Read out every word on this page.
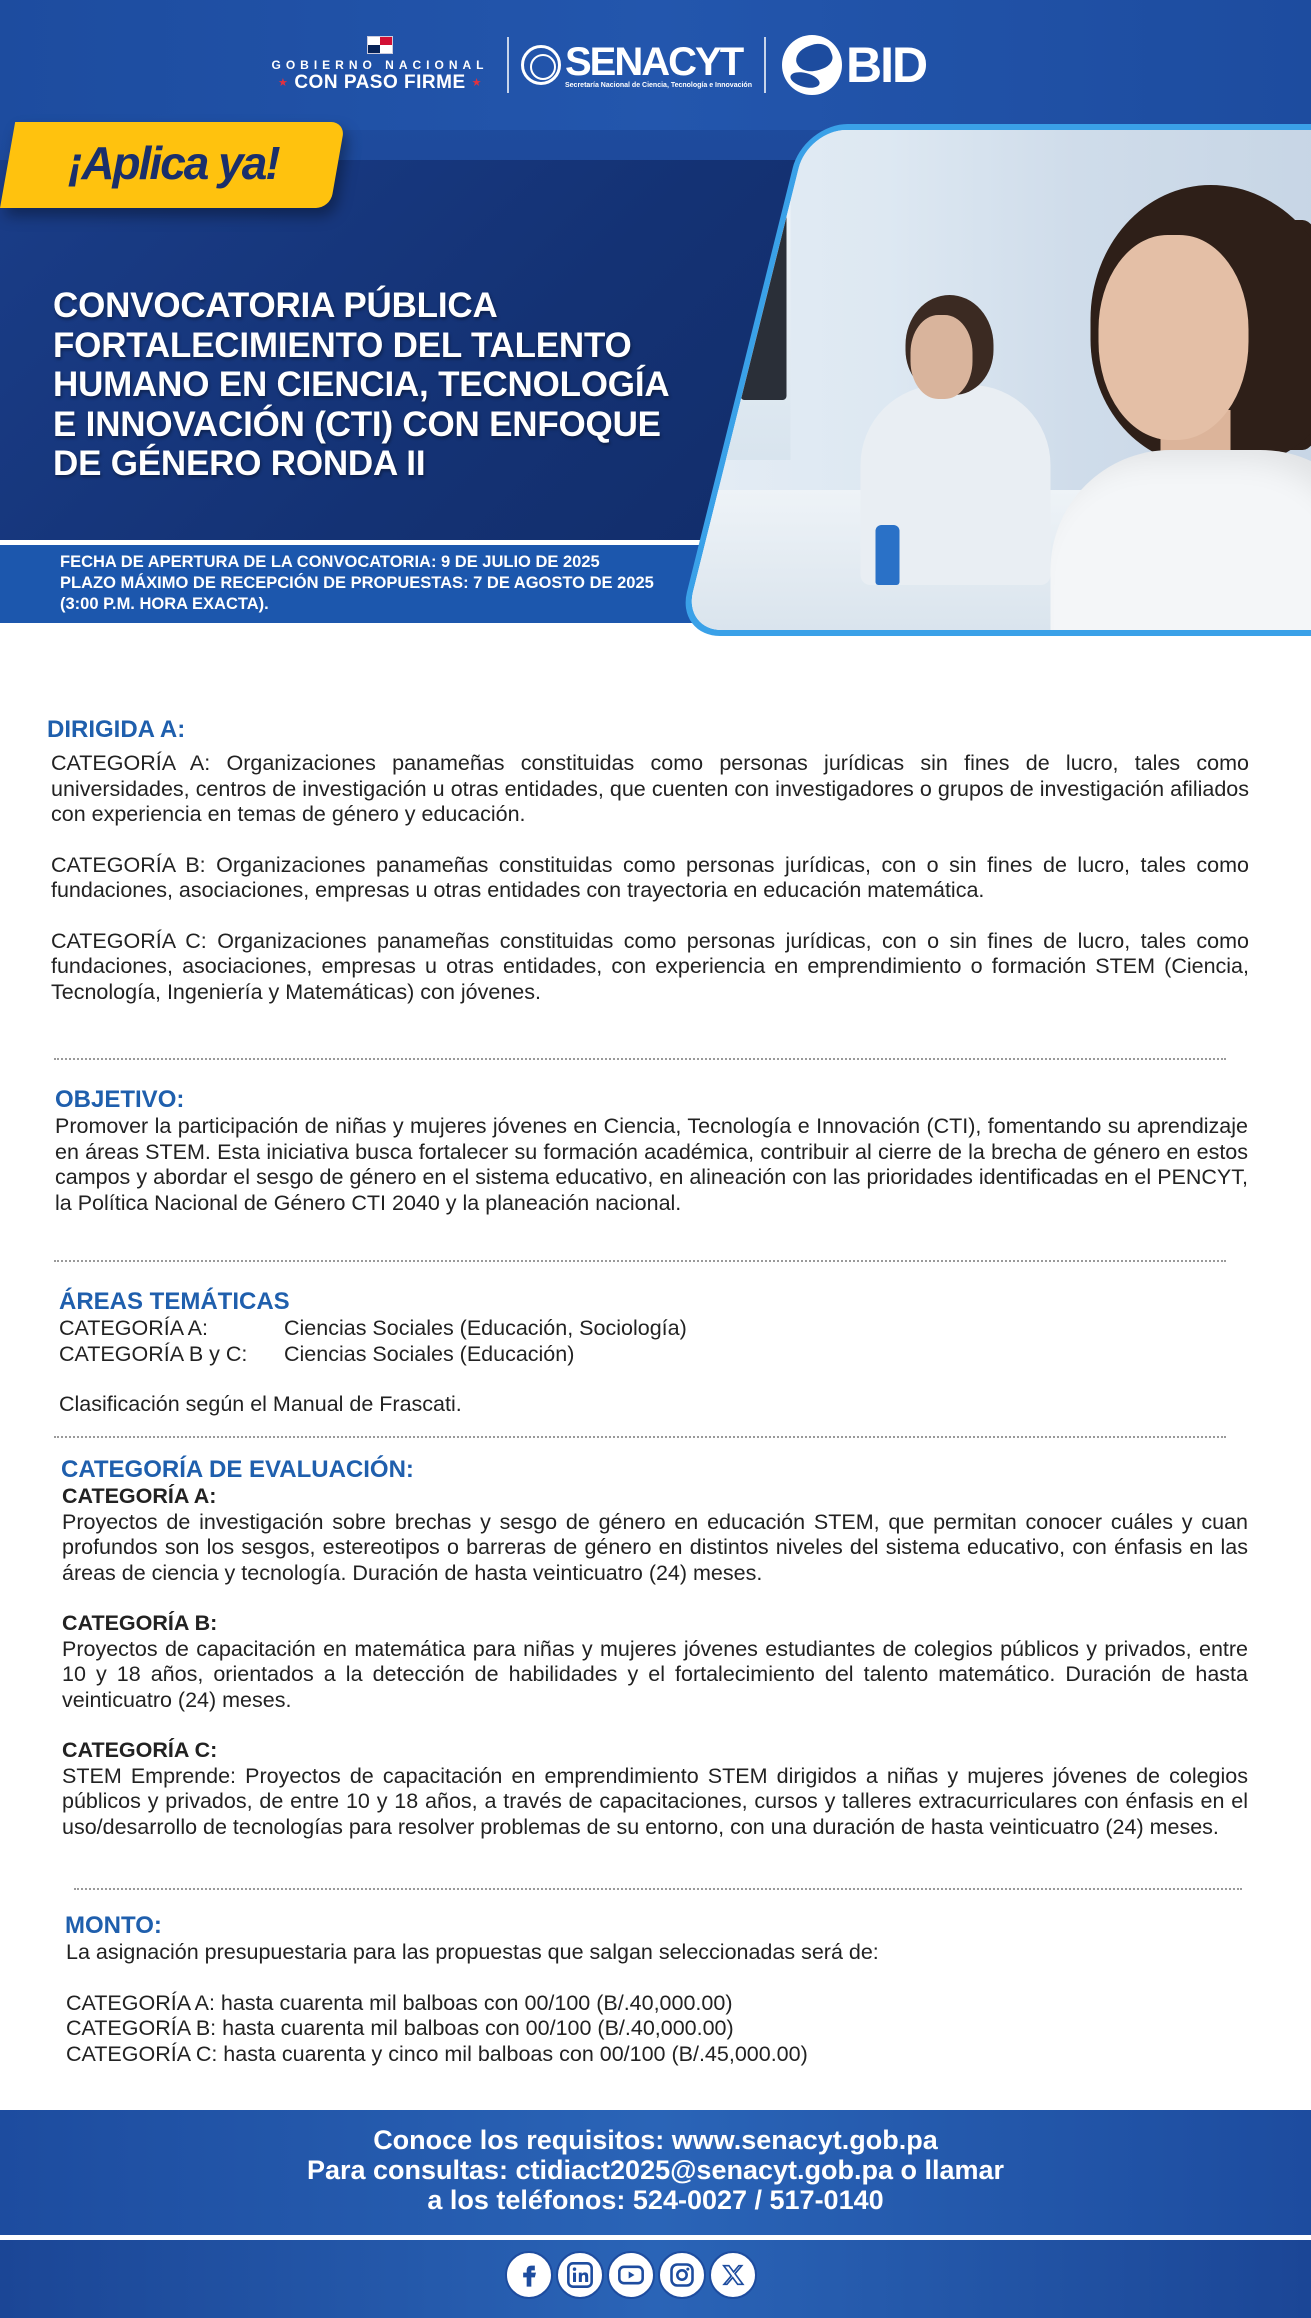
GOBIERNO NACIONAL
★ CON PASO FIRME ★ SENACYT
Secretaría Nacional de Ciencia, Tecnología e Innovación BID
¡Aplica ya!
CONVOCATORIA PÚBLICA
FORTALECIMIENTO DEL TALENTO
HUMANO EN CIENCIA, TECNOLOGÍA
E INNOVACIÓN (CTI) CON ENFOQUE
DE GÉNERO RONDA II
FECHA DE APERTURA DE LA CONVOCATORIA: 9 DE JULIO DE 2025
PLAZO MÁXIMO DE RECEPCIÓN DE PROPUESTAS: 7 DE AGOSTO DE 2025
(3:00 P.M. HORA EXACTA).
DIRIGIDA A:

CATEGORÍA A: Organizaciones panameñas constituidas como personas jurídicas sin fines de lucro, tales como universidades, centros de investigación u otras entidades, que cuenten con investigadores o grupos de investigación afiliados con experiencia en temas de género y educación.

CATEGORÍA B: Organizaciones panameñas constituidas como personas jurídicas, con o sin fines de lucro, tales como fundaciones, asociaciones, empresas u otras entidades con trayectoria en educación matemática.

CATEGORÍA C: Organizaciones panameñas constituidas como personas jurídicas, con o sin fines de lucro, tales como fundaciones, asociaciones, empresas u otras entidades, con experiencia en emprendimiento o formación STEM (Ciencia, Tecnología, Ingeniería y Matemáticas) con jóvenes.

OBJETIVO:
Promover la participación de niñas y mujeres jóvenes en Ciencia, Tecnología e Innovación (CTI), fomentando su aprendizaje en áreas STEM. Esta iniciativa busca fortalecer su formación académica, contribuir al cierre de la brecha de género en estos campos y abordar el sesgo de género en el sistema educativo, en alineación con las prioridades identificadas en el PENCYT, la Política Nacional de Género CTI 2040 y la planeación nacional.
ÁREAS TEMÁTICAS
CATEGORÍA A:	Ciencias Sociales (Educación, Sociología)
CATEGORÍA B y C:	Ciencias Sociales (Educación)
Clasificación según el Manual de Frascati.
CATEGORÍA DE EVALUACIÓN:
CATEGORÍA A:

Proyectos de investigación sobre brechas y sesgo de género en educación STEM, que permitan conocer cuáles y cuan profundos son los sesgos, estereotipos o barreras de género en distintos niveles del sistema educativo, con énfasis en las áreas de ciencia y tecnología. Duración de hasta veinticuatro (24) meses.

CATEGORÍA B:

Proyectos de capacitación en matemática para niñas y mujeres jóvenes estudiantes de colegios públicos y privados, entre 10 y 18 años, orientados a la detección de habilidades y el fortalecimiento del talento matemático. Duración de hasta veinticuatro (24) meses.

CATEGORÍA C:

STEM Emprende: Proyectos de capacitación en emprendimiento STEM dirigidos a niñas y mujeres jóvenes de colegios públicos y privados, de entre 10 y 18 años, a través de capacitaciones, cursos y talleres extracurriculares con énfasis en el uso/desarrollo de tecnologías para resolver problemas de su entorno, con una duración de hasta veinticuatro (24) meses.

MONTO:
La asignación presupuestaria para las propuestas que salgan seleccionadas será de:
CATEGORÍA A: hasta cuarenta mil balboas con 00/100 (B/.40,000.00)
CATEGORÍA B: hasta cuarenta mil balboas con 00/100 (B/.40,000.00)
CATEGORÍA C: hasta cuarenta y cinco mil balboas con 00/100 (B/.45,000.00)
Conoce los requisitos: www.senacyt.gob.pa
Para consultas: ctidiact2025@senacyt.gob.pa o llamar
a los teléfonos: 524-0027 / 517-0140
